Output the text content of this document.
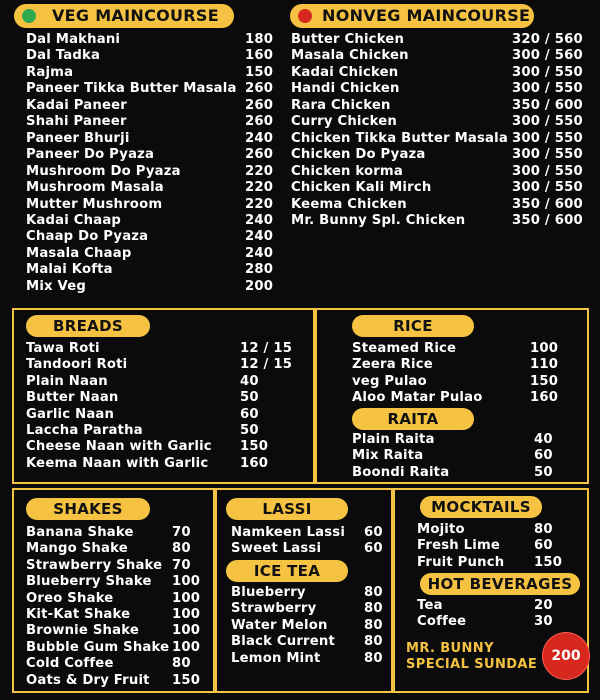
VEG MAINCOURSE	NONVEG MAINCOURSE
Dal Makhani	180
Dal Tadka	160
Rajma	150
Paneer Tikka Butter Masala 260
Kadai Paneer	260
Shahi Paneer	260
Paneer Bhurji	240
Paneer Do Pyaza	260
Mushroom Do Pyaza	220
Mushroom Masala	220
Mutter Mushroom	220
Kadai Chaap	240
Chaap Do Pyaza	240
Masala Chaap	240
Malai Kofta	280
Mix Veg	200
Butter Chicken	320 / 560
Masala Chicken	300 / 560
Kadai Chicken	300 / 550
Handi Chicken	300 / 550
Rara Chicken	350 / 600
Curry Chicken	300 / 550
Chicken Tikka Butter Masala 300 / 550
Chicken Do Pyaza	300 / 550
Chicken korma	300 / 550
Chicken Kali Mirch	300 / 550
Keema Chicken	350 / 600
Mr. Bunny Spl. Chicken	350 / 600
BREADS	RICE
RAITA
SHAKES	LASSI
ICE TEA
MOCKTAILS
HOT BEVERAGES
Tawa Roti	12 / 15
Tandoori Roti	12 / 15
Plain Naan	40
Butter Naan	50
Garlic Naan	60
Laccha Paratha	50
Cheese Naan with Garlic 150
Keema Naan with Garlic 160
Steamed Rice	100
Zeera Rice	110
veg Pulao	150
Aloo Matar Pulao	160
Plain Raita	40
Mix Raita	60
Boondi Raita	50
Banana Shake	70
Mango Shake	80
Strawberry Shake 70
Blueberry Shake 100
Oreo Shake	100
Kit-Kat Shake	100
Brownie Shake	100
Bubble Gum Shake 100
Cold Coffee	80
Oats & Dry Fruit 150
Namkeen Lassi 60
Sweet Lassi	60
Blueberry	80
Strawberry	80
Water Melon	80
Black Current 80
Lemon Mint	80
Mojito	80
Fresh Lime	60
Fruit Punch 150
Tea	20
Coffee	30
MR. BUNNY
SPECIAL SUNDAE
200
